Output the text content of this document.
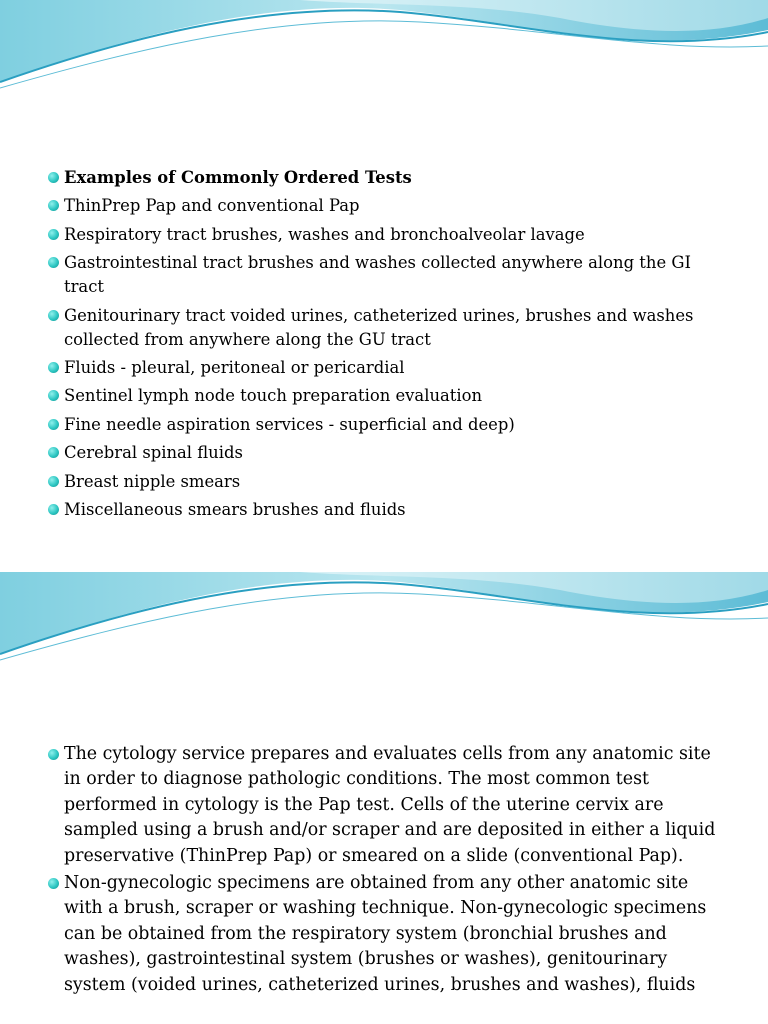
Examples of Commonly Ordered Tests
ThinPrep Pap and conventional Pap
Respiratory tract brushes, washes and bronchoalveolar lavage
Gastrointestinal tract brushes and washes collected anywhere along the GI tract
Genitourinary tract voided urines, catheterized urines, brushes and washes collected from anywhere along the GU tract
Fluids - pleural, peritoneal or pericardial
Sentinel lymph node touch preparation evaluation
Fine needle aspiration services - superficial and deep)
Cerebral spinal fluids
Breast nipple smears
Miscellaneous smears brushes and fluids
The cytology service prepares and evaluates cells from any anatomic site in order to diagnose pathologic conditions. The most common test performed in cytology is the Pap test. Cells of the uterine cervix are sampled using a brush and/or scraper and are deposited in either a liquid preservative (ThinPrep Pap) or smeared on a slide (conventional Pap).
Non-gynecologic specimens are obtained from any other anatomic site with a brush, scraper or washing technique. Non-gynecologic specimens can be obtained from the respiratory system (bronchial brushes and washes), gastrointestinal system (brushes or washes), genitourinary system (voided urines, catheterized urines, brushes and washes), fluids
